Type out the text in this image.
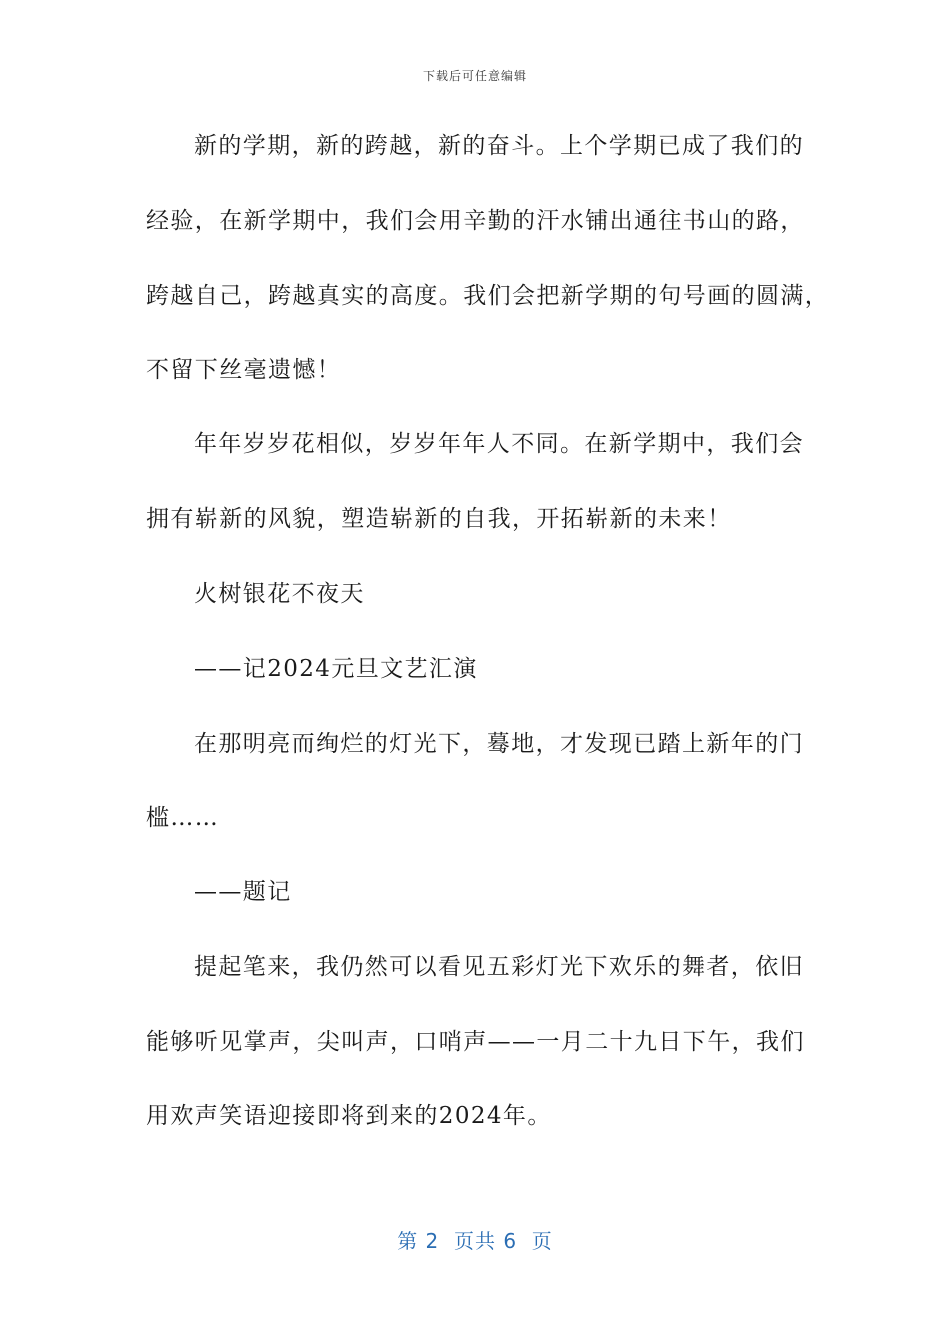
下载后可任意编辑
新的学期，新的跨越，新的奋斗。上个学期已成了我们的
经验，在新学期中，我们会用辛勤的汗水铺出通往书山的路，
跨越自己，跨越真实的高度。我们会把新学期的句号画的圆满，
不留下丝毫遗憾！
年年岁岁花相似，岁岁年年人不同。在新学期中，我们会
拥有崭新的风貌，塑造崭新的自我，开拓崭新的未来！
火树银花不夜天
——记2024元旦文艺汇演
在那明亮而绚烂的灯光下，蓦地，才发现已踏上新年的门
槛……
——题记
提起笔来，我仍然可以看见五彩灯光下欢乐的舞者，依旧
能够听见掌声，尖叫声，口哨声——一月二十九日下午，我们
用欢声笑语迎接即将到来的2024年。
第 2  页共 6  页
